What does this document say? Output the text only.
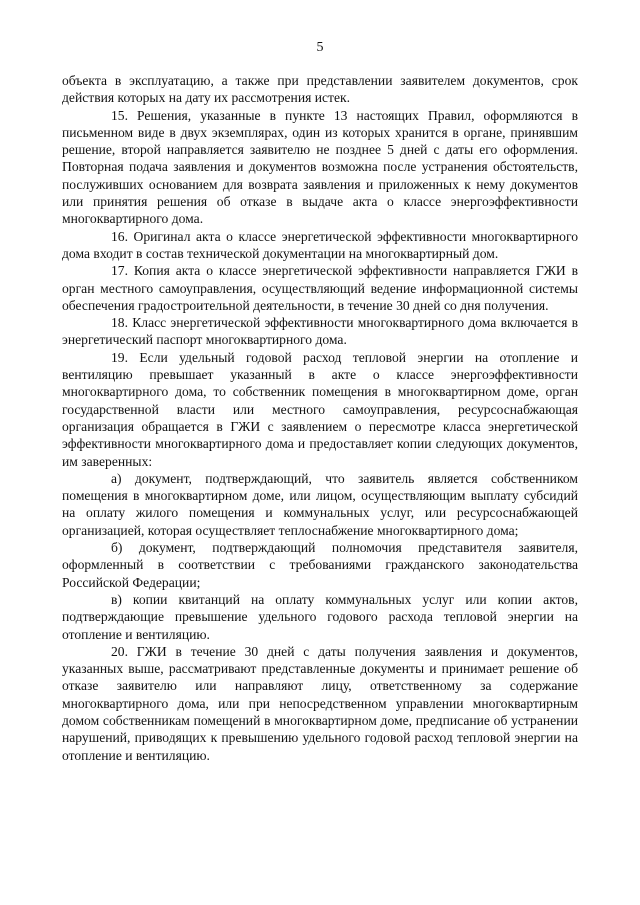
5

объекта в эксплуатацию, а также при представлении заявителем документов, срок действия которых на дату их рассмотрения истек.

15. Решения, указанные в пункте 13 настоящих Правил, оформляются в письменном виде в двух экземплярах, один из которых хранится в органе, принявшим решение, второй направляется заявителю не позднее 5 дней с даты его оформления. Повторная подача заявления и документов возможна после устранения обстоятельств, послуживших основанием для возврата заявления и приложенных к нему документов или принятия решения об отказе в выдаче акта о классе энергоэффективности многоквартирного дома.

16. Оригинал акта о классе энергетической эффективности многоквартирного дома входит в состав технической документации на многоквартирный дом.

17. Копия акта о классе энергетической эффективности направляется ГЖИ в орган местного самоуправления, осуществляющий ведение информационной системы обеспечения градостроительной деятельности, в течение 30 дней со дня получения.

18. Класс энергетической эффективности многоквартирного дома включается в энергетический паспорт многоквартирного дома.

19. Если удельный годовой расход тепловой энергии на отопление и вентиляцию превышает указанный в акте о классе энергоэффективности многоквартирного дома, то собственник помещения в многоквартирном доме, орган государственной власти или местного самоуправления, ресурсоснабжающая организация обращается в ГЖИ с заявлением о пересмотре класса энергетической эффективности многоквартирного дома и предоставляет копии следующих документов, им заверенных:

а) документ, подтверждающий, что заявитель является собственником помещения в многоквартирном доме, или лицом, осуществляющим выплату субсидий на оплату жилого помещения и коммунальных услуг, или ресурсоснабжающей организацией, которая осуществляет теплоснабжение многоквартирного дома;

б) документ, подтверждающий полномочия представителя заявителя, оформленный в соответствии с требованиями гражданского законодательства Российской Федерации;

в) копии квитанций на оплату коммунальных услуг или копии актов, подтверждающие превышение удельного годового расхода тепловой энергии на отопление и вентиляцию.

20. ГЖИ в течение 30 дней с даты получения заявления и документов, указанных выше, рассматривают представленные документы и принимает решение об отказе заявителю или направляют лицу, ответственному за содержание многоквартирного дома, или при непосредственном управлении многоквартирным домом собственникам помещений в многоквартирном доме, предписание об устранении нарушений, приводящих к превышению удельного годовой расход тепловой энергии на отопление и вентиляцию.
